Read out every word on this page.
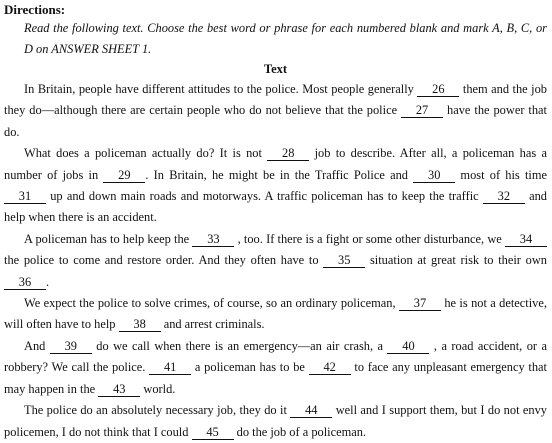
Directions:

Read the following text. Choose the best word or phrase for each numbered blank and mark A, B, C, or D on ANSWER SHEET 1.

Text

In Britain, people have different attitudes to the police. Most people generally 26 them and the job they do—although there are certain people who do not believe that the police 27 have the power that do.

What does a policeman actually do? It is not 28 job to describe. After all, a policeman has a number of jobs in 29 . In Britain, he might be in the Traffic Police and 30 most of his time 31 up and down main roads and motorways. A traffic policeman has to keep the traffic 32 and help when there is an accident.

A policeman has to help keep the 33 , too. If there is a fight or some other disturbance, we 34 the police to come and restore order. And they often have to 35 situation at great risk to their own 36 .

We expect the police to solve crimes, of course, so an ordinary policeman, 37 he is not a detective, will often have to help 38 and arrest criminals.

And 39 do we call when there is an emergency—an air crash, a 40 , a road accident, or a robbery? We call the police. 41 a policeman has to be 42 to face any unpleasant emergency that may happen in the 43 world.

The police do an absolutely necessary job, they do it 44 well and I support them, but I do not envy policemen, I do not think that I could 45 do the job of a policeman.
